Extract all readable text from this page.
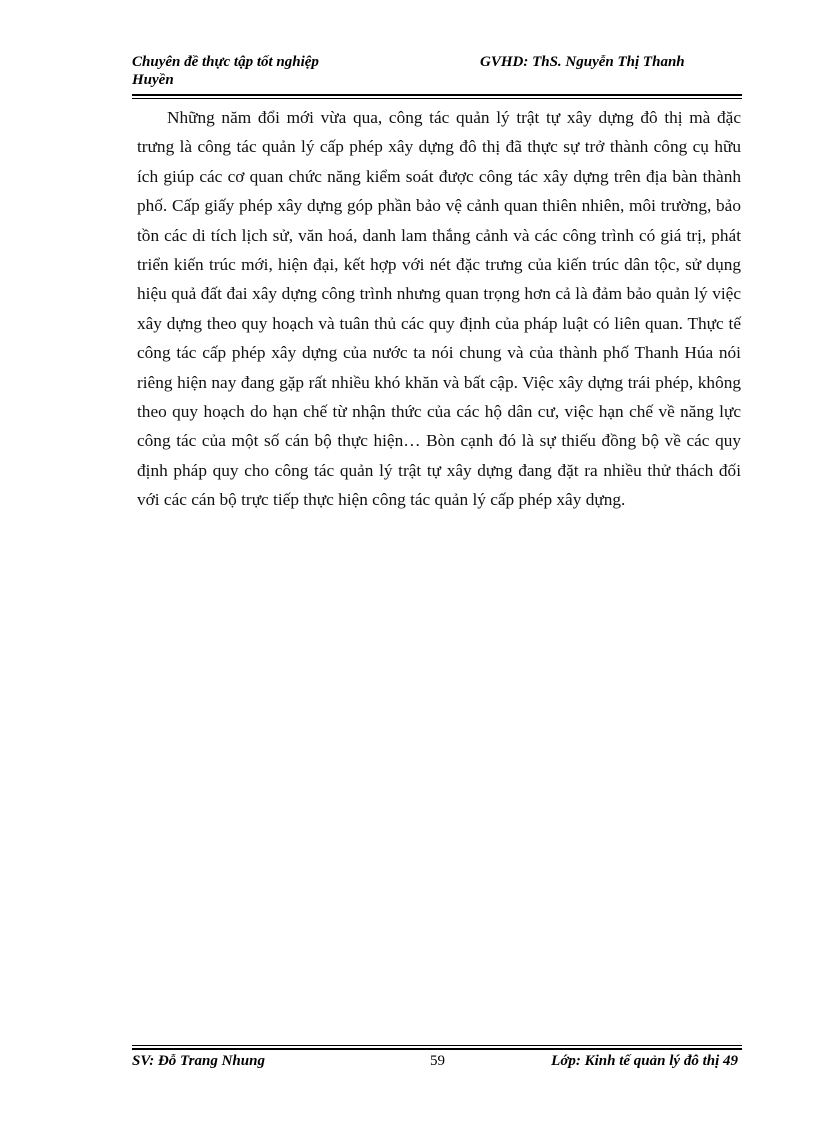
Chuyên đề thực tập tốt nghiệp
Huyền
GVHD: ThS. Nguyễn Thị Thanh
Những năm đổi mới vừa qua, công tác quản lý trật tự xây dựng đô thị mà đặc trưng là công tác quản lý cấp phép xây dựng đô thị đã thực sự trở thành công cụ hữu ích giúp các cơ quan chức năng kiểm soát được công tác xây dựng trên địa bàn thành phố. Cấp giấy phép xây dựng góp phần bảo vệ cảnh quan thiên nhiên, môi trường, bảo tồn các di tích lịch sử, văn hoá, danh lam thắng cảnh và các công trình có giá trị, phát triển kiến trúc mới, hiện đại, kết hợp với nét đặc trưng của kiến trúc dân tộc, sử dụng hiệu quả đất đai xây dựng công trình nhưng quan trọng hơn cả là đảm bảo quản lý việc xây dựng theo quy hoạch và tuân thủ các quy định của pháp luật có liên quan. Thực tế công tác cấp phép xây dựng của nước ta nói chung và của thành phố Thanh Húa nói riêng hiện nay đang gặp rất nhiều khó khăn và bất cập. Việc xây dựng trái phép, không theo quy hoạch do hạn chế từ nhận thức của các hộ dân cư, việc hạn chế về năng lực công tác của một số cán bộ thực hiện… Bòn cạnh đó là sự thiếu đồng bộ về các quy định pháp quy cho công tác quản lý trật tự xây dựng đang đặt ra nhiều thử thách đối với các cán bộ trực tiếp thực hiện công tác quản lý cấp phép xây dựng.
SV: Đỗ Trang Nhung	59	Lớp: Kinh tế quản lý đô thị 49
